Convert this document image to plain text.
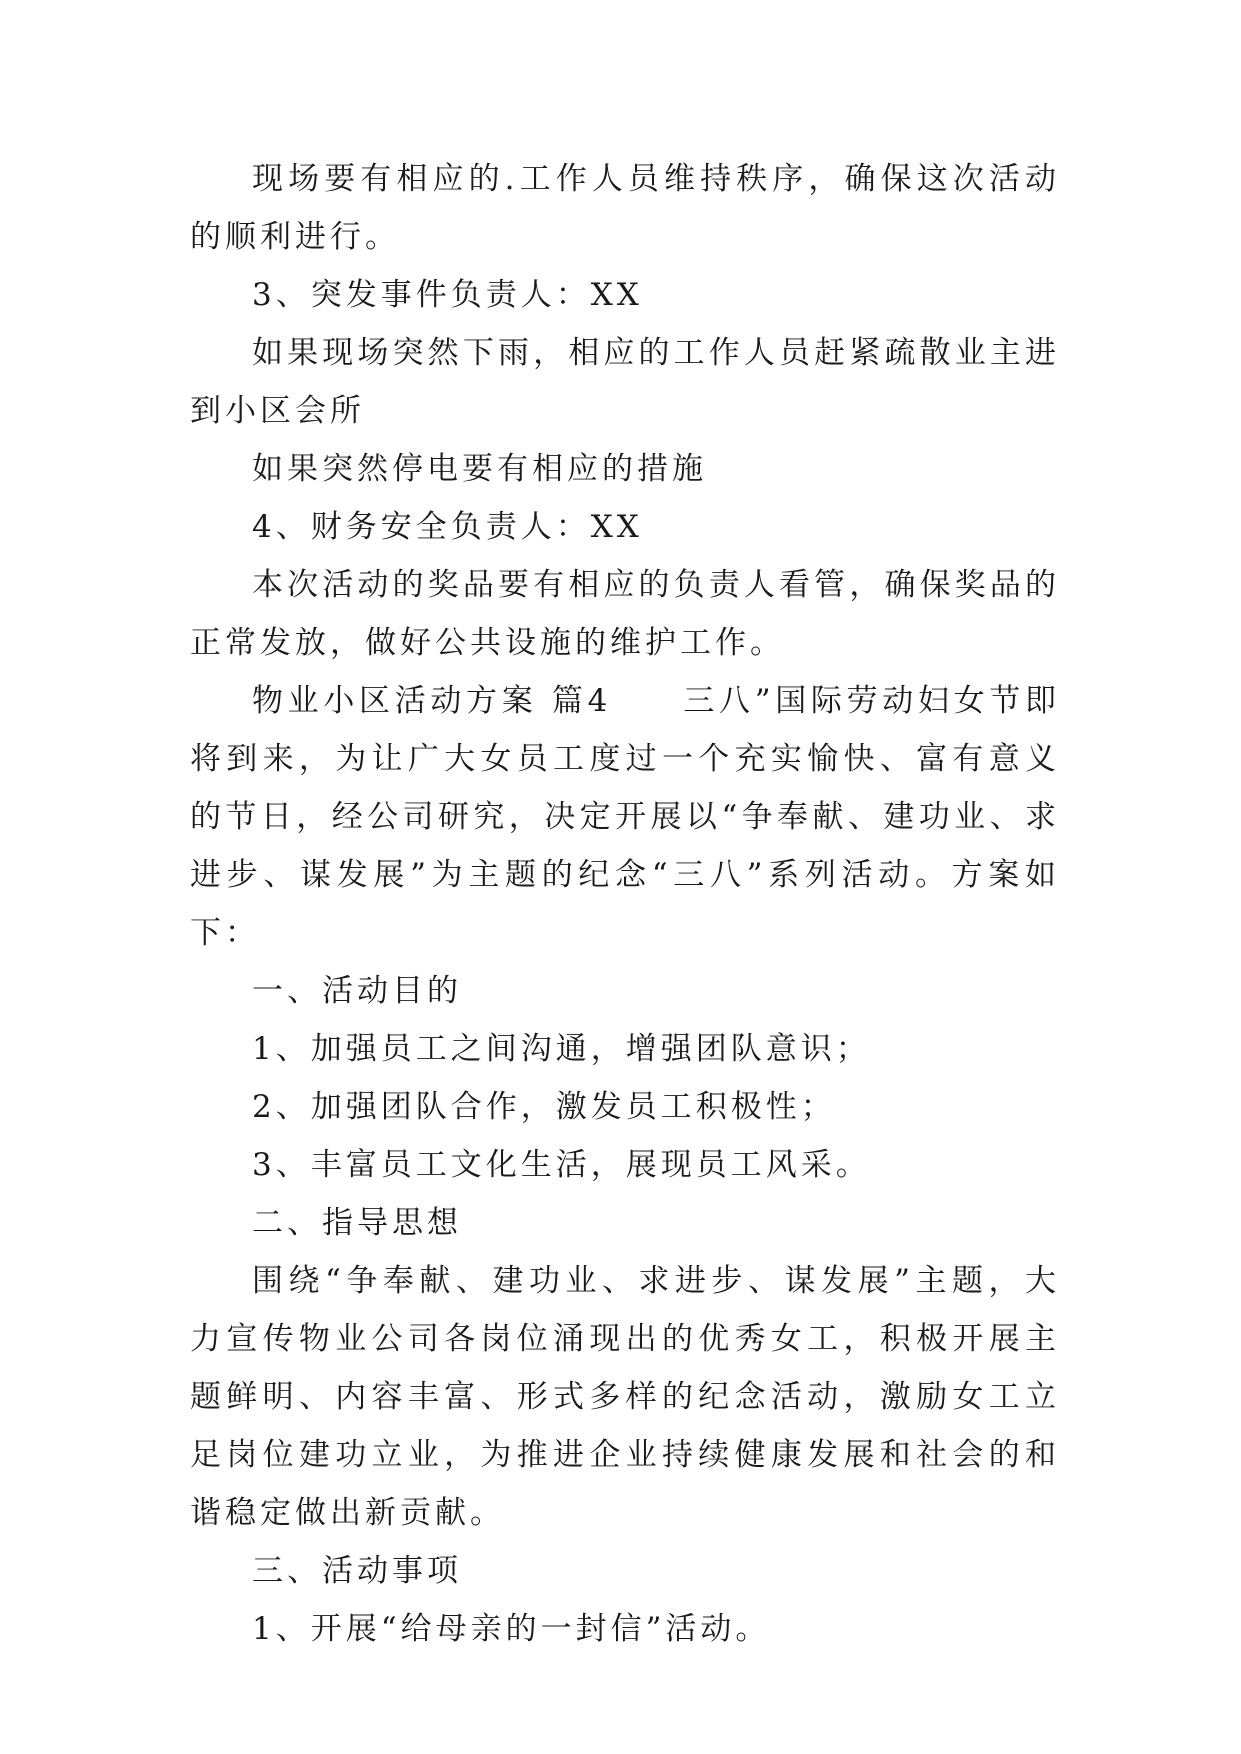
现场要有相应的.工作人员维持秩序，确保这次活动的顺利进行。

3、突发事件负责人：XX

如果现场突然下雨，相应的工作人员赶紧疏散业主进到小区会所

如果突然停电要有相应的措施

4、财务安全负责人：XX

本次活动的奖品要有相应的负责人看管，确保奖品的正常发放，做好公共设施的维护工作。

物业小区活动方案 篇4　　三八”国际劳动妇女节即将到来，为让广大女员工度过一个充实愉快、富有意义的节日，经公司研究，决定开展以“争奉献、建功业、求进步、谋发展”为主题的纪念“三八”系列活动。方案如下：

一、活动目的

1、加强员工之间沟通，增强团队意识；

2、加强团队合作，激发员工积极性；

3、丰富员工文化生活，展现员工风采。

二、指导思想

围绕“争奉献、建功业、求进步、谋发展”主题，大力宣传物业公司各岗位涌现出的优秀女工，积极开展主题鲜明、内容丰富、形式多样的纪念活动，激励女工立足岗位建功立业，为推进企业持续健康发展和社会的和谐稳定做出新贡献。

三、活动事项

1、开展“给母亲的一封信”活动。
